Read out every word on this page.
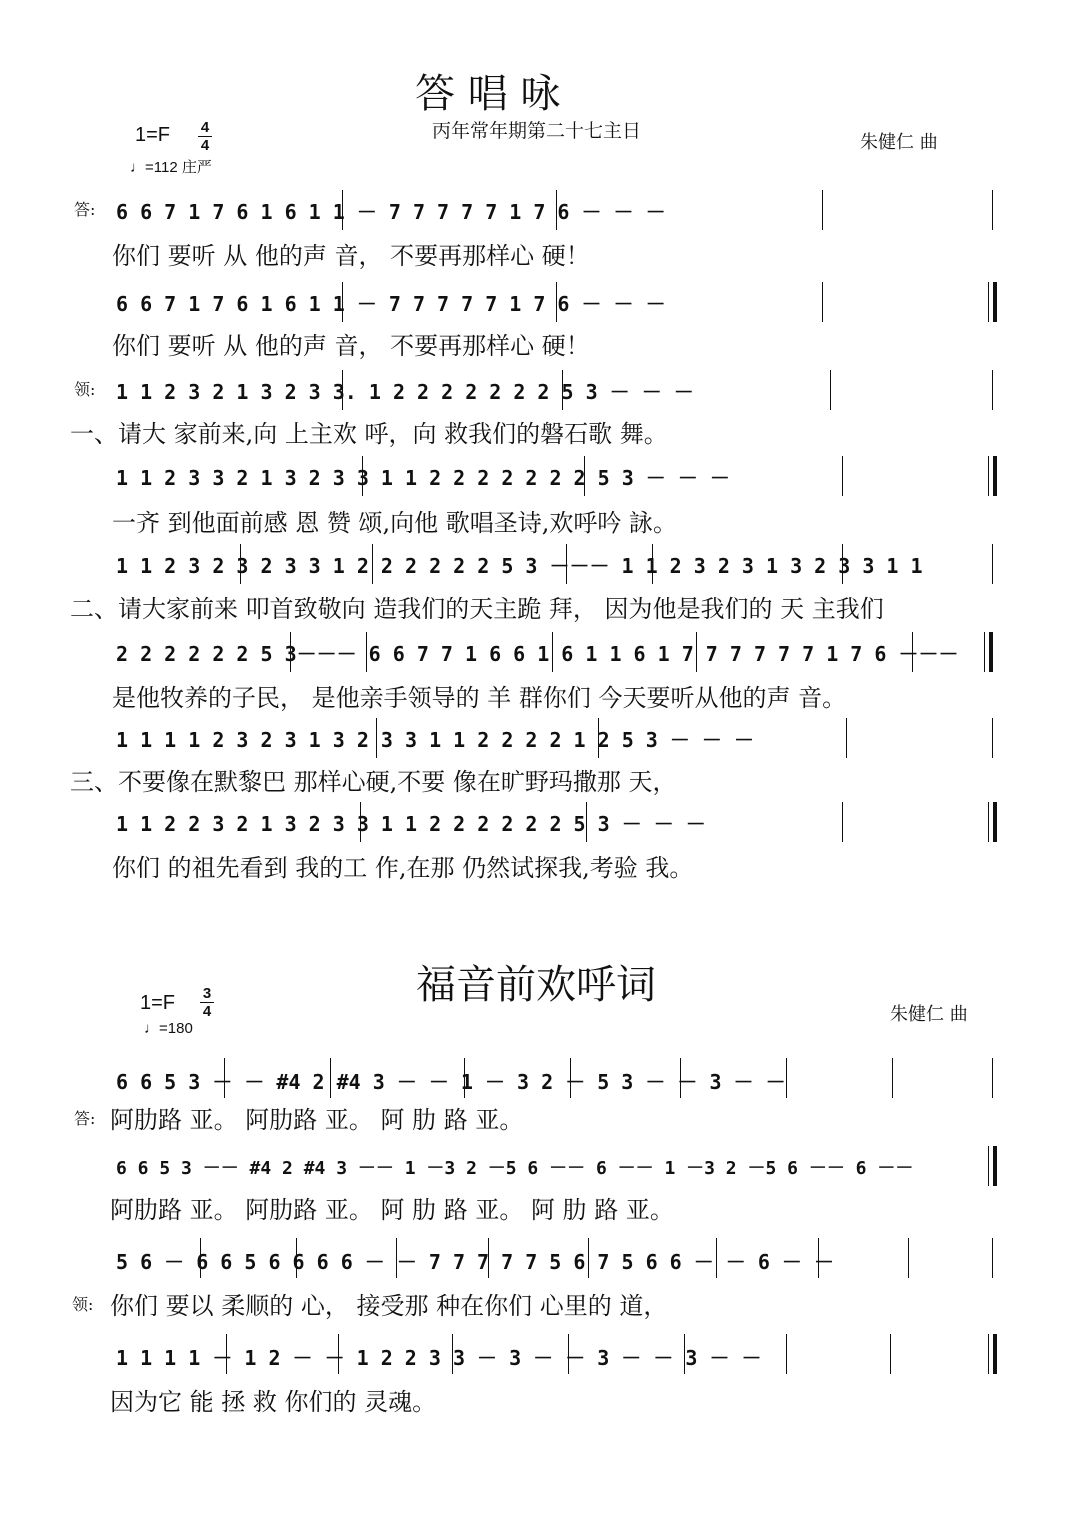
答 唱 咏
丙年常年期第二十七主日
1=F 4
4
♩=112 庄严
朱健仁 曲
答: 6 6 7 1 7 6 1 6 1 1 － 7 7 7 7 7 1 7 6 － － －
你们 要听 从 他的声 音， 不要再那样心 硬！
6 6 7 1 7 6 1 6 1 1 － 7 7 7 7 7 1 7 6 － － －
你们 要听 从 他的声 音， 不要再那样心 硬！
领: 1 1 2 3 2 1 3 2 3 3. 1 2 2 2 2 2 2 2 5 3 － － －
一、请大 家前来,向 上主欢 呼，向 救我们的磐石歌 舞。
1 1 2 3 3 2 1 3 2 3 3 1 1 2 2 2 2 2 2 2 5 3 － － －
一齐 到他面前感 恩 赞 颂,向他 歌唱圣诗,欢呼吟 詠。
1 1 2 3 2 3 2 3 3 1 2 2 2 2 2 2 5 3 －－－ 1 1 2 3 2 3 1 3 2 3 3 1 1
二、请大家前来 叩首致敬向 造我们的天主跪 拜， 因为他是我们的 天 主我们
2 2 2 2 2 2 5 3－－－ 6 6 7 7 1 6 6 1 6 1 1 6 1 7 7 7 7 7 7 1 7 6 －－－
是他牧养的子民， 是他亲手领导的 羊 群你们 今天要听从他的声 音。
1 1 1 1 2 3 2 3 1 3 2 3 3 1 1 2 2 2 2 1 2 5 3 － － －
三、不要像在默黎巴 那样心硬,不要 像在旷野玛撒那 天，
1 1 2 2 3 2 1 3 2 3 3 1 1 2 2 2 2 2 2 5 3 － － －
你们 的祖先看到 我的工 作,在那 仍然试探我,考验 我。
福音前欢呼词
1=F 3
4
♩=180
朱健仁 曲
6 6 5 3 － － #4 2 #4 3 － － 1 － 3 2 － 5 3 － － 3 － －
答: 阿肋路 亚。 阿肋路 亚。 阿 肋 路 亚。
6 6 5 3 －－ #4 2 #4 3 －－ 1 －3 2 －5 6 －－ 6 －－ 1 －3 2 －5 6 －－ 6 －－
阿肋路 亚。 阿肋路 亚。 阿 肋 路 亚。 阿 肋 路 亚。
5 6 － 6 6 5 6 6 6 6 － － 7 7 7 7 7 5 6 7 5 6 6 － － 6 － －
领: 你们 要以 柔顺的 心， 接受那 种在你们 心里的 道，
1 1 1 1 － 1 2 － － 1 2 2 3 3 － 3 － － 3 － － 3 － －
因为它 能 拯 救 你们的 灵魂。
